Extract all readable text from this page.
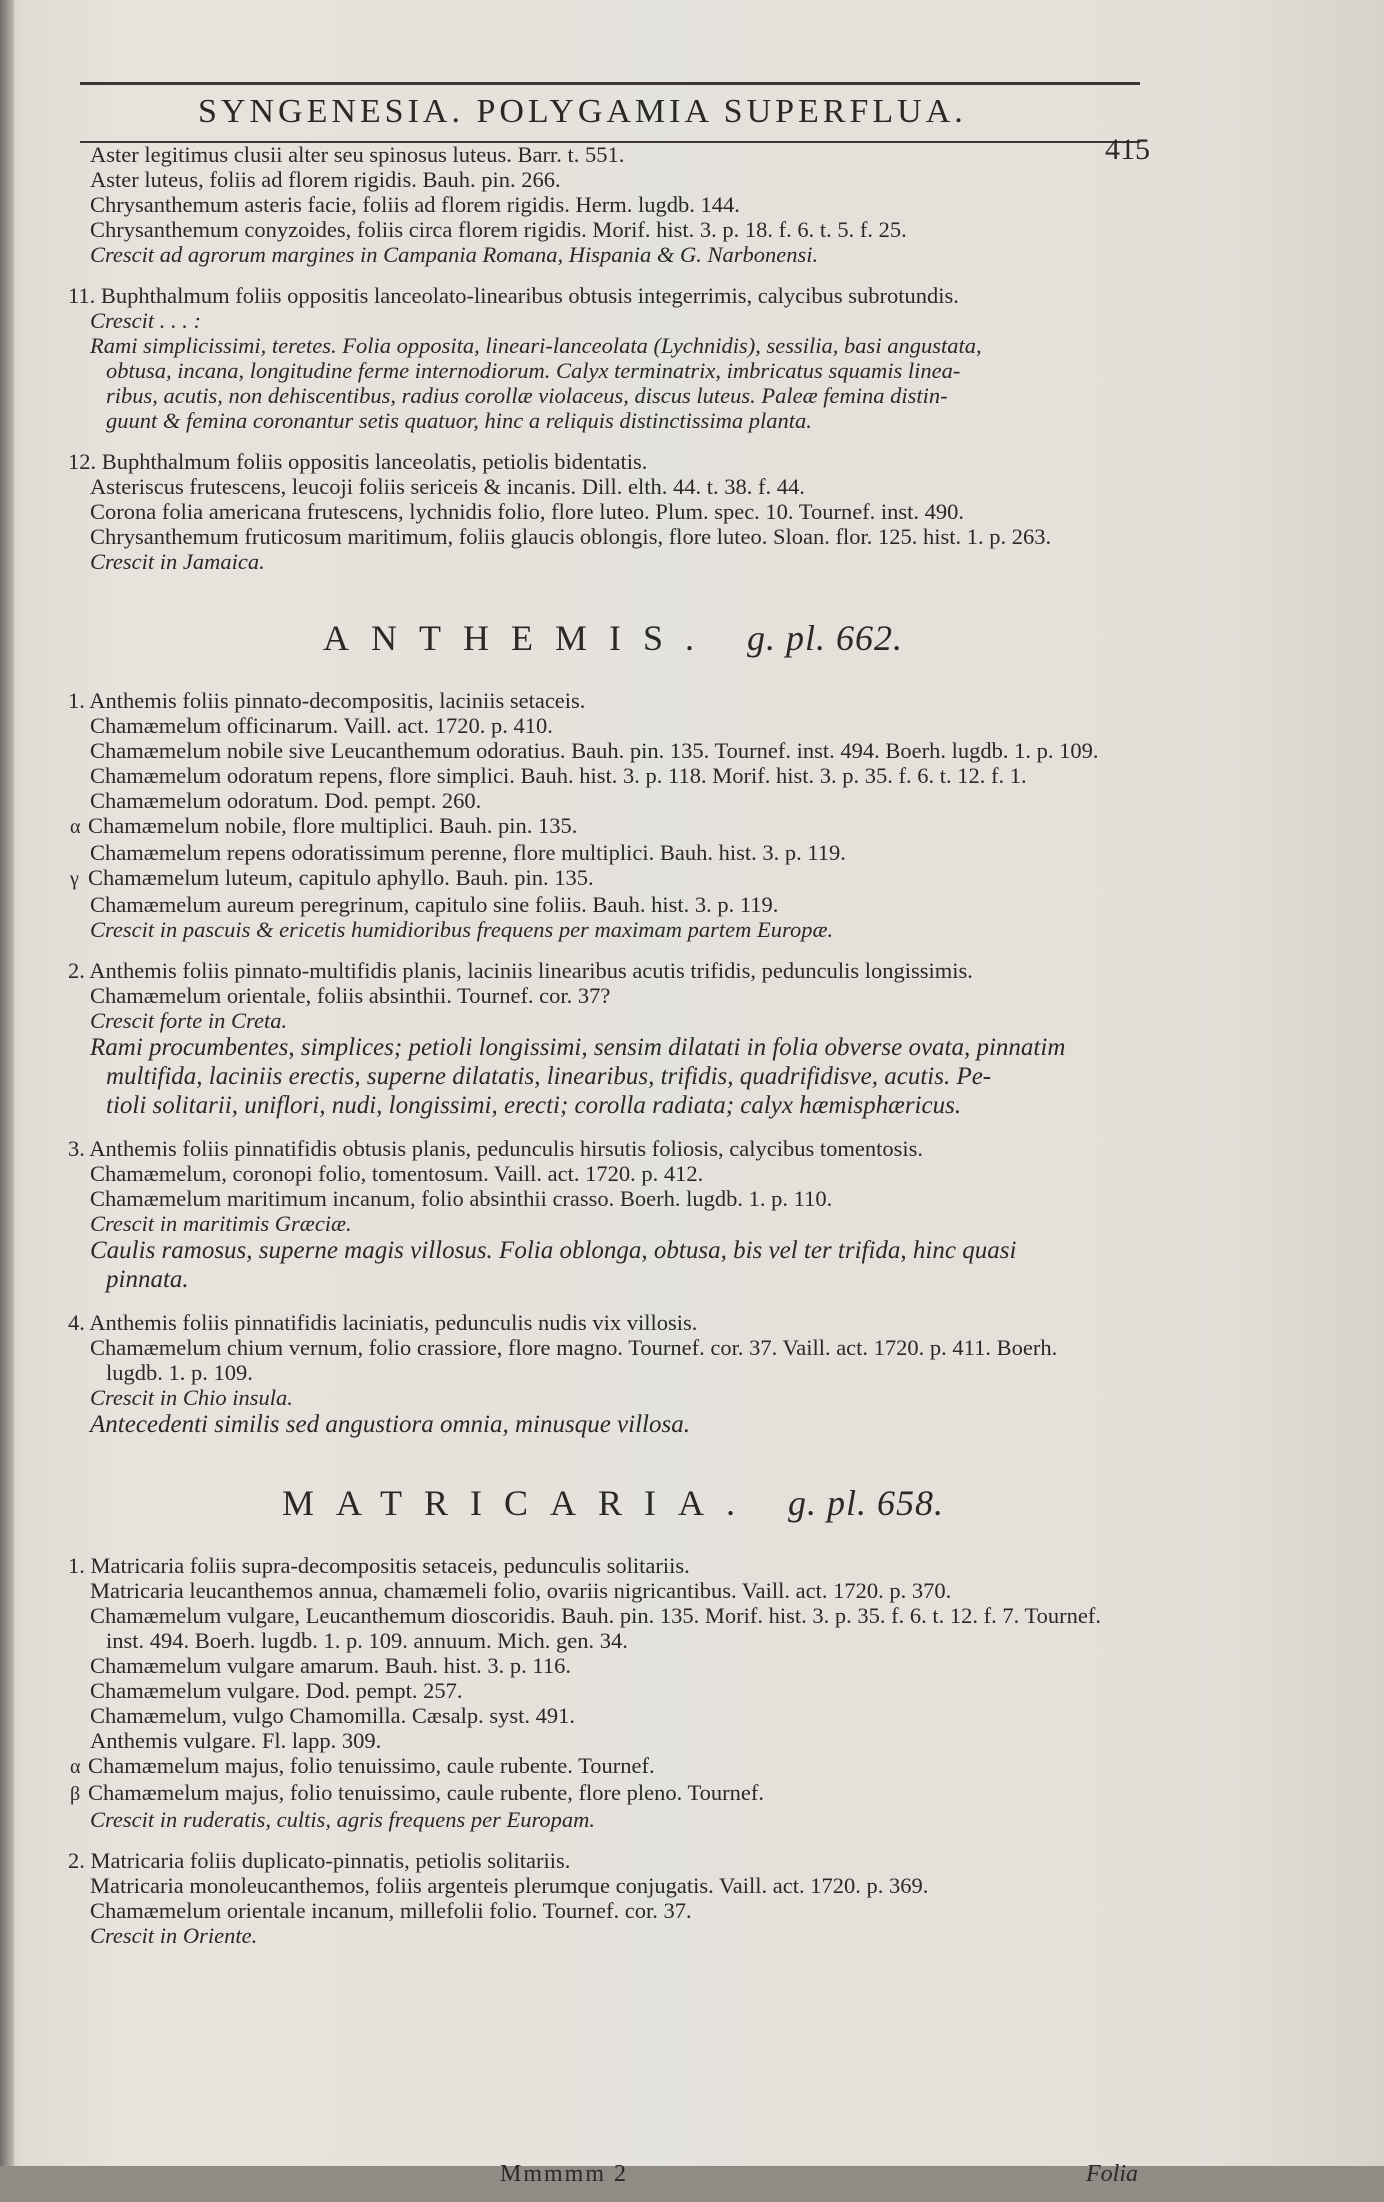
SYNGENESIA. POLYGAMIA SUPERFLUA.
415
Aster legitimus clusii alter seu spinosus luteus. Barr. t. 551.
Aster luteus, foliis ad florem rigidis. Bauh. pin. 266.
Chrysanthemum asteris facie, foliis ad florem rigidis. Herm. lugdb. 144.
Chrysanthemum conyzoides, foliis circa florem rigidis. Morif. hist. 3. p. 18. f. 6. t. 5. f. 25.
Crescit ad agrorum margines in Campania Romana, Hispania & G. Narbonensi.
11. Buphthalmum foliis oppositis lanceolato-linearibus obtusis integerrimis, calycibus subrotundis.
Crescit . . . :
Rami simplicissimi, teretes. Folia opposita, lineari-lanceolata (Lychnidis), sessilia, basi angustata,
obtusa, incana, longitudine ferme internodiorum. Calyx terminatrix, imbricatus squamis linea-
ribus, acutis, non dehiscentibus, radius corollæ violaceus, discus luteus. Paleæ femina distin-
guunt & femina coronantur setis quatuor, hinc a reliquis distinctissima planta.
12. Buphthalmum foliis oppositis lanceolatis, petiolis bidentatis.
Asteriscus frutescens, leucoji foliis sericeis & incanis. Dill. elth. 44. t. 38. f. 44.
Corona folia americana frutescens, lychnidis folio, flore luteo. Plum. spec. 10. Tournef. inst. 490.
Chrysanthemum fruticosum maritimum, foliis glaucis oblongis, flore luteo. Sloan. flor. 125. hist. 1. p. 263.
Crescit in Jamaica.
ANTHEMIS. g. pl. 662.
1. Anthemis foliis pinnato-decompositis, laciniis setaceis.
Chamæmelum officinarum. Vaill. act. 1720. p. 410.
Chamæmelum nobile sive Leucanthemum odoratius. Bauh. pin. 135. Tournef. inst. 494. Boerh. lugdb. 1. p. 109.
Chamæmelum odoratum repens, flore simplici. Bauh. hist. 3. p. 118. Morif. hist. 3. p. 35. f. 6. t. 12. f. 1.
Chamæmelum odoratum. Dod. pempt. 260.
α Chamæmelum nobile, flore multiplici. Bauh. pin. 135.
Chamæmelum repens odoratissimum perenne, flore multiplici. Bauh. hist. 3. p. 119.
γ Chamæmelum luteum, capitulo aphyllo. Bauh. pin. 135.
Chamæmelum aureum peregrinum, capitulo sine foliis. Bauh. hist. 3. p. 119.
Crescit in pascuis & ericetis humidioribus frequens per maximam partem Europæ.
2. Anthemis foliis pinnato-multifidis planis, laciniis linearibus acutis trifidis, pedunculis longissimis.
Chamæmelum orientale, foliis absinthii. Tournef. cor. 37?
Crescit forte in Creta.
Rami procumbentes, simplices; petioli longissimi, sensim dilatati in folia obverse ovata, pinnatim
multifida, laciniis erectis, superne dilatatis, linearibus, trifidis, quadrifidisve, acutis. Pe-
tioli solitarii, uniflori, nudi, longissimi, erecti; corolla radiata; calyx hæmisphæricus.
3. Anthemis foliis pinnatifidis obtusis planis, pedunculis hirsutis foliosis, calycibus tomentosis.
Chamæmelum, coronopi folio, tomentosum. Vaill. act. 1720. p. 412.
Chamæmelum maritimum incanum, folio absinthii crasso. Boerh. lugdb. 1. p. 110.
Crescit in maritimis Græciæ.
Caulis ramosus, superne magis villosus. Folia oblonga, obtusa, bis vel ter trifida, hinc quasi
pinnata.
4. Anthemis foliis pinnatifidis laciniatis, pedunculis nudis vix villosis.
Chamæmelum chium vernum, folio crassiore, flore magno. Tournef. cor. 37. Vaill. act. 1720. p. 411. Boerh.
lugdb. 1. p. 109.
Crescit in Chio insula.
Antecedenti similis sed angustiora omnia, minusque villosa.
MATRICARIA. g. pl. 658.
1. Matricaria foliis supra-decompositis setaceis, pedunculis solitariis.
Matricaria leucanthemos annua, chamæmeli folio, ovariis nigricantibus. Vaill. act. 1720. p. 370.
Chamæmelum vulgare, Leucanthemum dioscoridis. Bauh. pin. 135. Morif. hist. 3. p. 35. f. 6. t. 12. f. 7. Tournef.
inst. 494. Boerh. lugdb. 1. p. 109. annuum. Mich. gen. 34.
Chamæmelum vulgare amarum. Bauh. hist. 3. p. 116.
Chamæmelum vulgare. Dod. pempt. 257.
Chamæmelum, vulgo Chamomilla. Cæsalp. syst. 491.
Anthemis vulgare. Fl. lapp. 309.
α Chamæmelum majus, folio tenuissimo, caule rubente. Tournef.
β Chamæmelum majus, folio tenuissimo, caule rubente, flore pleno. Tournef.
Crescit in ruderatis, cultis, agris frequens per Europam.
2. Matricaria foliis duplicato-pinnatis, petiolis solitariis.
Matricaria monoleucanthemos, foliis argenteis plerumque conjugatis. Vaill. act. 1720. p. 369.
Chamæmelum orientale incanum, millefolii folio. Tournef. cor. 37.
Crescit in Oriente.
Mmmmm 2	Folia
